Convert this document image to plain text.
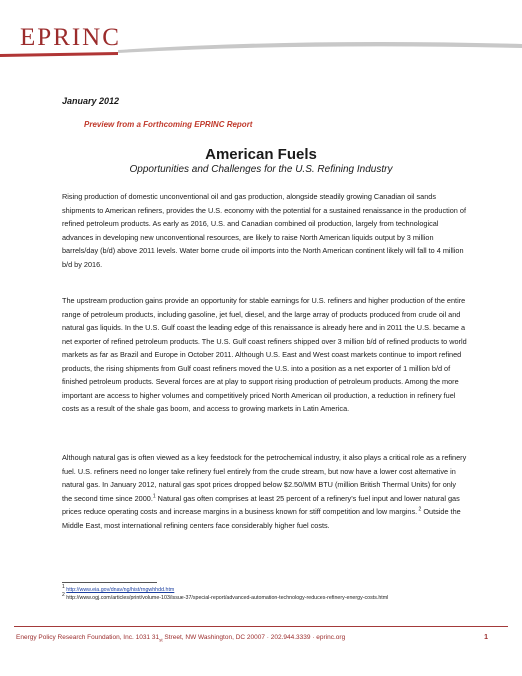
EPRINC
January 2012
Preview from a Forthcoming EPRINC Report
American Fuels
Opportunities and Challenges for the U.S. Refining Industry

Rising production of domestic unconventional oil and gas production, alongside steadily growing Canadian oil sands shipments to American refiners, provides the U.S. economy with the potential for a sustained renaissance in the production of refined petroleum products. As early as 2016, U.S. and Canadian combined oil production, largely from technological advances in developing new unconventional resources, are likely to raise North American liquids output by 3 million barrels/day (b/d) above 2011 levels. Water borne crude oil imports into the North American continent likely will fall to 4 million b/d by 2016.

The upstream production gains provide an opportunity for stable earnings for U.S. refiners and higher production of the entire range of petroleum products, including gasoline, jet fuel, diesel, and the large array of products produced from crude oil and natural gas liquids. In the U.S. Gulf coast the leading edge of this renaissance is already here and in 2011 the U.S. became a net exporter of refined petroleum products. The U.S. Gulf coast refiners shipped over 3 million b/d of refined products to world markets as far as Brazil and Europe in October 2011. Although U.S. East and West coast markets continue to import refined products, the rising shipments from Gulf coast refiners moved the U.S. into a position as a net exporter of 1 million b/d of finished petroleum products. Several forces are at play to support rising production of petroleum products. Among the more important are access to higher volumes and competitively priced North American oil production, a reduction in refinery fuel costs as a result of the shale gas boom, and access to growing markets in Latin America.

Although natural gas is often viewed as a key feedstock for the petrochemical industry, it also plays a critical role as a refinery fuel. U.S. refiners need no longer take refinery fuel entirely from the crude stream, but now have a lower cost alternative in natural gas. In January 2012, natural gas spot prices dropped below $2.50/MM BTU (million British Thermal Units) for only the second time since 2000.$^1$ Natural gas often comprises at least 25 percent of a refinery’s fuel input and lower natural gas prices reduce operating costs and increase margins in a business known for stiff competition and low margins. $^2$ Outside the Middle East, most international refining centers face considerably higher fuel costs.

$^1$ http://www.eia.gov/dnav/ng/hist/rngwhhdd.htm
$^2$ http://www.ogj.com/articles/print/volume-103/issue-37/special-report/advanced-automation-technology-reduces-refinery-energy-costs.html
Energy Policy Research Foundation, Inc. 1031 $31_{st}$ Street, NW Washington, DC 20007 · 202.944.3339 · eprinc.org	1
